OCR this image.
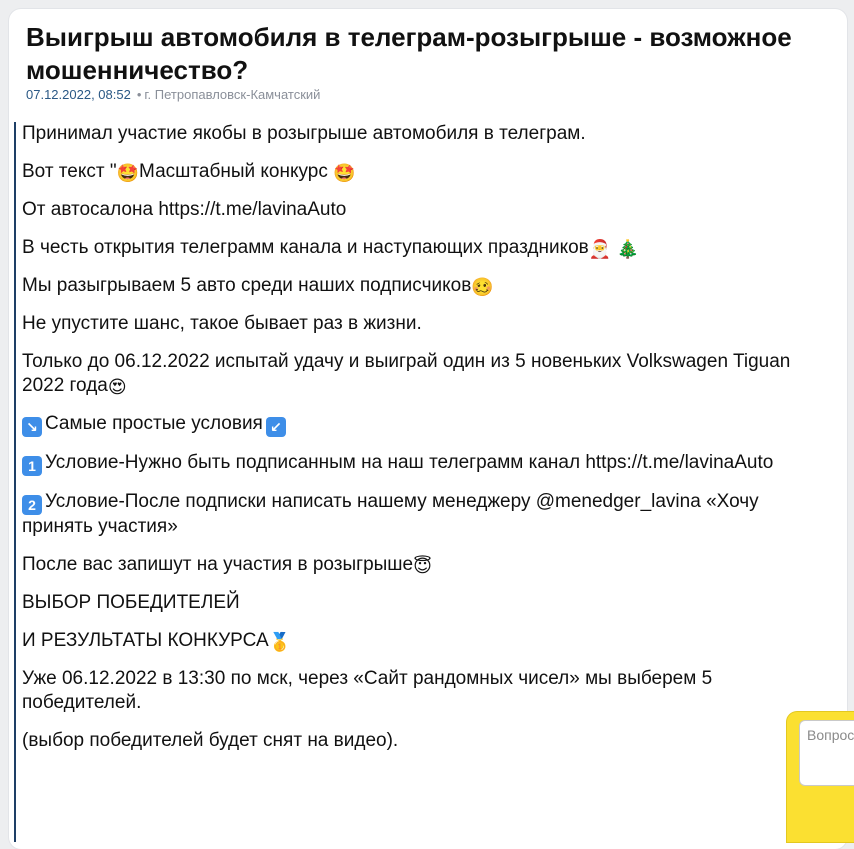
Выигрыш автомобиля в телеграм-розыгрыше - возможное мошенничество?
07.12.2022, 08:52 • г. Петропавловск-Камчатский

Принимал участие якобы в розыгрыше автомобиля в телеграм.

Вот текст "🤩Масштабный конкурс 🤩

От автосалона https://t.me/lavinaAuto

В честь открытия телеграмм канала и наступающих праздников🎅 🎄

Мы разыгрываем 5 авто среди наших подписчиков🥴

Не упустите шанс, такое бывает раз в жизни.

Только до 06.12.2022 испытай удачу и выиграй один из 5 новеньких Volkswagen Tiguan 2022 года😍

↘ Самые простые условия ↙

1 Условие-Нужно быть подписанным на наш телеграмм канал https://t.me/lavinaAuto

2 Условие-После подписки написать нашему менеджеру @menedger_lavina «Хочу принять участия»

После вас запишут на участия в розыгрыше😇

ВЫБОР ПОБЕДИТЕЛЕЙ

И РЕЗУЛЬТАТЫ КОНКУРСА🥇

Уже 06.12.2022 в 13:30 по мск, через «Сайт рандомных чисел» мы выберем 5 победителей.

(выбор победителей будет снят на видео).

Вопрос
